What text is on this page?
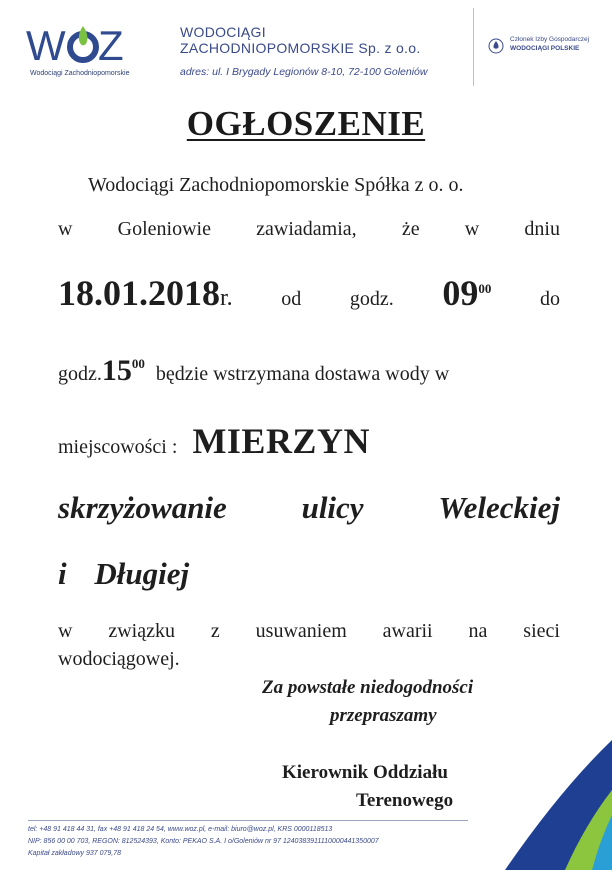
W Z
Wodociągi Zachodniopomorskie
WODOCIĄGI
ZACHODNIOPOMORSKIE Sp. z o.o.
adres: ul. I Brygady Legionów 8-10, 72-100 Goleniów
Członek Izby Gospodarczej
WODOCIĄGI POLSKIE
OGŁOSZENIE
Wodociągi Zachodniopomorskie Spółka z o. o.
w Goleniowie zawiadamia, że w dniu
18.01.2018r. od godz. $09^{00}$ do
$godz.15^{00}$ będzie wstrzymana dostawa wody w
miejscowości : MIERZYN
skrzyżowanie ulicy Weleckiej
i Długiej
w związku z usuwaniem awarii na sieci
wodociągowej.
Za powstałe niedogodności
przepraszamy
Kierownik Oddziału
Terenowego
tel: +48 91 418 44 31, fax +48 91 418 24 54, www.woz.pl, e-mail: biuro@woz.pl, KRS 0000118513
NIP: 856 00 00 703, REGON: 812524393, Konto: PEKAO S.A. I o/Goleniów nr 97 1240383911110000441350007
Kapitał zakładowy 937 079,78
